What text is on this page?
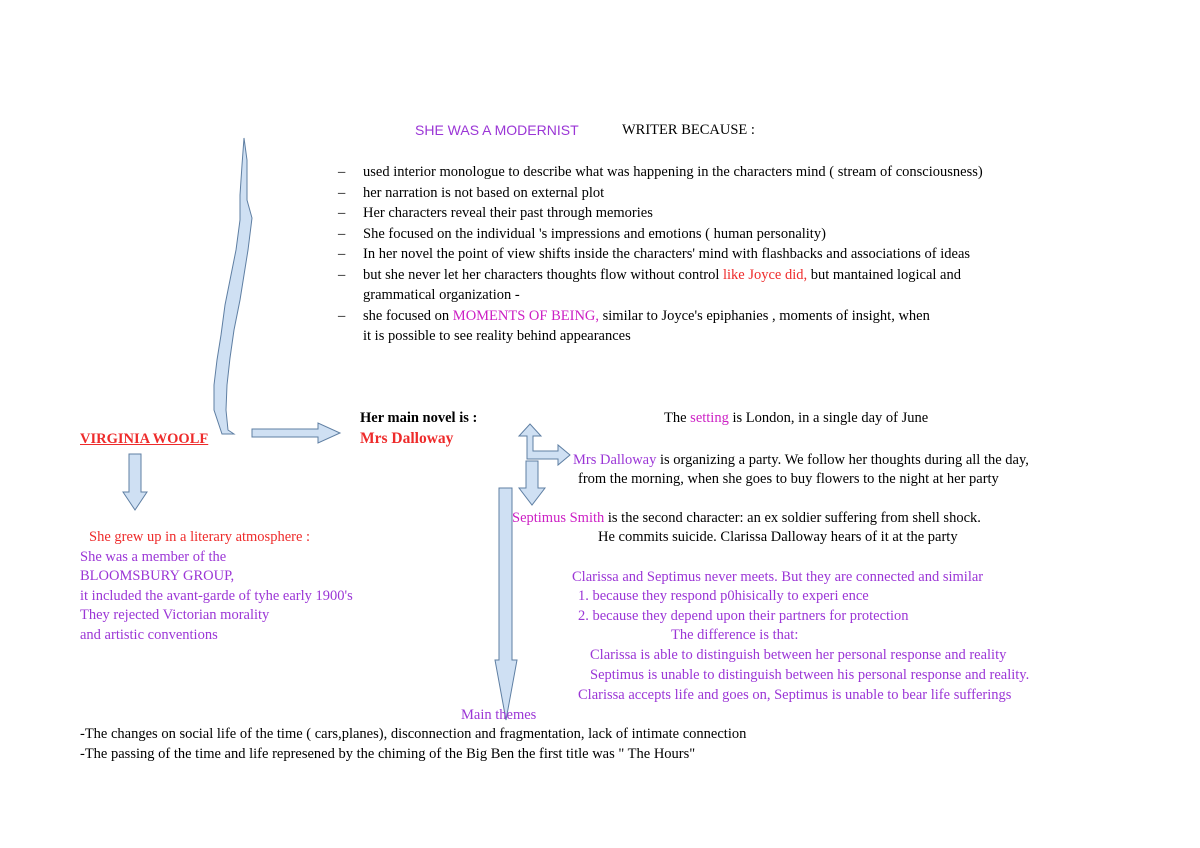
SHE WAS A MODERNIST	WRITER BECAUSE :
– used interior monologue to describe what was happening in the characters mind ( stream of consciousness)
– her narration is not based on external plot
– Her characters reveal their past through memories
– She focused on the individual 's impressions and emotions ( human personality)
– In her novel the point of view shifts inside the characters' mind with flashbacks and associations of ideas
– but she never let her characters thoughts flow without control like Joyce did, but mantained logical and
grammatical organization -
– she focused on MOMENTS OF BEING, similar to Joyce's epiphanies , moments of insight, when
it is possible to see reality behind appearances
VIRGINIA WOOLF
Her main novel is :
Mrs Dalloway
The setting is London, in a single day of June
Mrs Dalloway is organizing a party. We follow her thoughts during all the day,
from the morning, when she goes to buy flowers to the night at her party
Septimus Smith is the second character: an ex soldier suffering from shell shock.
He commits suicide. Clarissa Dalloway hears of it at the party
She grew up in a literary atmosphere :
She was a member of the
BLOOMSBURY GROUP,
it included the avant-garde of tyhe early 1900's
They rejected Victorian morality
and artistic conventions
Clarissa and Septimus never meets. But they are connected and similar
1. because they respond p0hisically to experi ence
2. because they depend upon their partners for protection
The difference is that:
Clarissa is able to distinguish between her personal response and reality
Septimus is unable to distinguish between his personal response and reality.
Clarissa accepts life and goes on, Septimus is unable to bear life sufferings
Main themes
-The changes on social life of the time ( cars,planes), disconnection and fragmentation, lack of intimate connection
-The passing of the time and life represened by the chiming of the Big Ben the first title was " The Hours"
